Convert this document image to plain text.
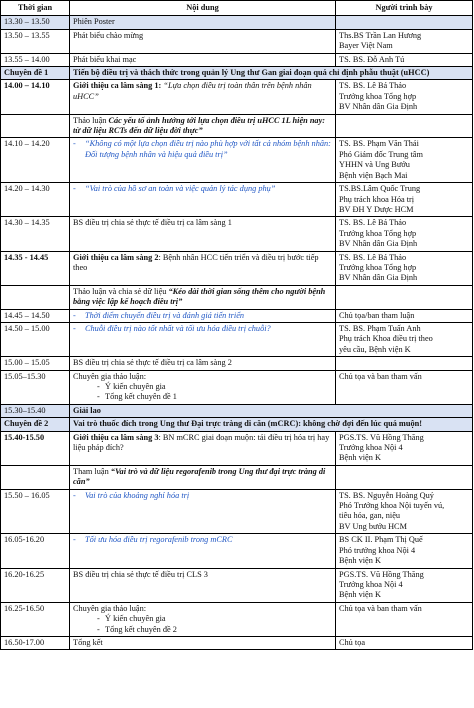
Thời gian	Nội dung	Người trình bày
13.30 – 13.50	Phiên Poster	
13.50 – 13.55	Phát biểu chào mừng	Ths.BS Trần Lan Hương
Bayer Việt Nam

13.55 – 14.00	Phát biểu khai mạc	TS. BS. Đỗ Anh Tú
Chuyên đề 1	Tiến bộ điều trị và thách thức trong quản lý Ung thư Gan giai đoạn quá chỉ định phẫu thuật (uHCC)	
14.00 – 14.10	Giới thiệu ca lâm sàng 1: “Lựa chọn điều trị toàn thân trên bệnh nhân uHCC”	TS. BS. Lê Bá Thảo
Trưởng khoa Tổng hợp
BV Nhân dân Gia Định

	Thảo luận Các yếu tố ảnh hưởng tới lựa chọn điều trị uHCC 1L hiện nay: từ dữ liệu RCTs đến dữ liệu đời thực”	
14.10 – 14.20	- “Không có một lựa chọn điều trị nào phù hợp với tất cả nhóm bệnh nhân: Đối tượng bệnh nhân và hiệu quả điều trị”	TS. BS. Phạm Văn Thái
Phó Giám đốc Trung tâm
YHHN và Ung Bướu
Bệnh viện Bạch Mai

14.20 – 14.30	- “Vai trò của hồ sơ an toàn và việc quản lý tác dụng phụ”	TS.BS.Lâm Quốc Trung
Phụ trách khoa Hóa trị
BV ĐH Y Dược HCM

14.30 – 14.35	BS điều trị chia sẻ thực tế điều trị ca lâm sàng 1	TS. BS. Lê Bá Thảo
Trưởng khoa Tổng hợp
BV Nhân dân Gia Định

14.35 - 14.45	Giới thiệu ca lâm sàng 2: Bệnh nhân HCC tiến triển và điều trị bước tiếp theo	TS. BS. Lê Bá Thảo
Trưởng khoa Tổng hợp
BV Nhân dân Gia Định

	Thảo luận và chia sẻ dữ liệu “Kéo dài thời gian sống thêm cho người bệnh bằng việc lập kế hoạch điều trị”	
14.45 – 14.50	- Thời điểm chuyển điều trị và đánh giá tiến triển	Chủ tọa/ban tham luận
14.50 – 15.00	- Chuỗi điều trị nào tốt nhất và tối ưu hóa điều trị chuỗi?	TS. BS. Phạm Tuấn Anh
Phụ trách Khoa điều trị theo
yêu cầu, Bệnh viện K

15.00 – 15.05	BS điều trị chia sẻ thực tế điều trị ca lâm sàng 2	
15.05–15.30	Chuyên gia thảo luận:
- Ý kiến chuyên gia
- Tổng kết chuyên đề 1	Chủ tọa và ban tham vấn
15.30–15.40	Giải lao	
Chuyên đề 2	Vai trò thuốc đích trong Ung thư Đại trực tràng di căn (mCRC): không chờ đợi đến lúc quá muộn!	
15.40-15.50	Giới thiệu ca lâm sàng 3: BN mCRC giai đoạn muộn: tái điều trị hóa trị hay liệu pháp đích?	PGS.TS. Vũ Hồng Thăng
Trưởng khoa Nội 4
Bệnh viện K

	Tham luận “Vai trò và dữ liệu regorafenib trong Ung thư đại trực tràng di căn”	
15.50 – 16.05	- Vai trò của khoảng nghỉ hóa trị	TS. BS. Nguyễn Hoàng Quý
Phó Trưởng khoa Nội tuyến vú,
tiêu hóa, gan, niệu
BV Ung bướu HCM

16.05-16.20	- Tối ưu hóa điều trị regorafenib trong mCRC	BS CK II. Phạm Thị Quế
Phó trưởng khoa Nội 4
Bệnh viện K

16.20-16.25	BS điều trị chia sẻ thực tế điều trị CLS 3	PGS.TS. Vũ Hồng Thăng
Trưởng khoa Nội 4
Bệnh viện K

16.25-16.50	Chuyên gia thảo luận:
- Ý kiến chuyên gia
- Tổng kết chuyên đề 2	Chủ tọa và ban tham vấn
16.50-17.00	Tổng kết	Chủ tọa
